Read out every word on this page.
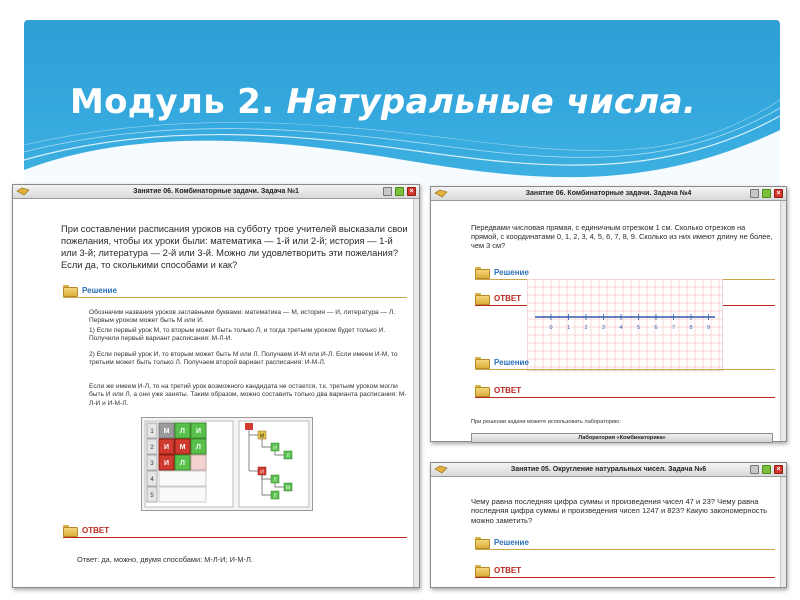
Модуль 2. Натуральные числа.
Занятие 06. Комбинаторные задачи. Задача №1	×
При составлении расписания уроков на субботу трое учителей высказали свои пожелания, чтобы их уроки были: математика — 1-й или 2-й; история — 1-й или 3-й; литература — 2-й или 3-й. Можно ли удовлетворить эти пожелания? Если да, то сколькими способами и как?
Решение
Обозначим названия уроков заглавными буквами: математика — М, история — И, литература — Л. Первым уроком может быть М или И.
1) Если первый урок М, то вторым может быть только Л, и тогда третьим уроком будет только И. Получили первый вариант расписания: М-Л-И.
2) Если первый урок И, то вторым может быть М или Л. Получаем И-М или И-Л. Если имеем И-М, то третьим может быть только Л. Получаем второй вариант расписания: И-М-Л.
Если же имеем И-Л, то на третий урок возможного кандидата не остается, т.к. третьим уроком могли быть И или Л, а они уже заняты. Таким образом, можно составить только два варианта расписания: М-Л-И и И-М-Л.
1
2
3
4
5
М Л И
И М Л
И Л
М
И
Л
И
Л
М
Л
ОТВЕТ
Ответ: да, можно, двумя способами: М-Л-И; И-М-Л.
Занятие 06. Комбинаторные задачи. Задача №4	×
Передвами числовая прямая, с единичным отрезком 1 см. Сколько отрезков на прямой, с координатами 0, 1, 2, 3, 4, 5, 6, 7, 8, 9. Сколько из них имеют длину не более, чем 3 см?
Решение
ОТВЕТ
0	1	2	3	4	5	6	7	8	9
Решение
ОТВЕТ
При решении задачи можете использовать лабораторию:
Лаборатория «Комбинаторика»
Занятие 05. Округление натуральных чисел. Задача №6	×
Чему равна последняя цифра суммы и произведения чисел 47 и 23? Чему равна последняя цифра суммы и произведения чисел 1247 и 823? Какую закономерность можно заметить?
Решение
ОТВЕТ
